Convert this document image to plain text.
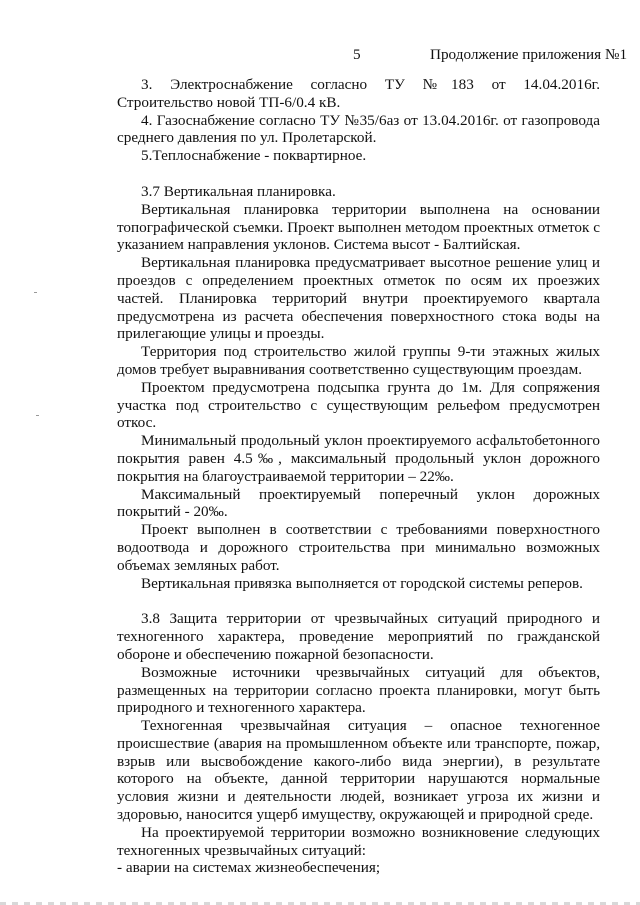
5	Продолжение приложения №1

3. Электроснабжение согласно ТУ №183 от 14.04.2016г. Строительство новой ТП-6/0.4 кВ.

4. Газоснабжение согласно ТУ №35/6аз от 13.04.2016г. от газопровода среднего давления по ул. Пролетарской.

5.Теплоснабжение - поквартирное.

3.7 Вертикальная планировка.

Вертикальная планировка территории выполнена на основании топографической съемки. Проект выполнен методом проектных отметок с указанием направления уклонов. Система высот - Балтийская.

Вертикальная планировка предусматривает высотное решение улиц и проездов с определением проектных отметок по осям их проезжих частей. Планировка территорий внутри проектируемого квартала предусмотрена из расчета обеспечения поверхностного стока воды на прилегающие улицы и проезды.

Территория под строительство жилой группы 9-ти этажных жилых домов требует выравнивания соответственно существующим проездам.

Проектом предусмотрена подсыпка грунта до 1м. Для сопряжения участка под строительство с существующим рельефом предусмотрен откос.

Минимальный продольный уклон проектируемого асфальтобетонного покрытия равен 4.5‰, максимальный продольный уклон дорожного покрытия на благоустраиваемой территории – 22‰.

Максимальный проектируемый поперечный уклон дорожных покрытий - 20‰.

Проект выполнен в соответствии с требованиями поверхностного водоотвода и дорожного строительства при минимально возможных объемах земляных работ.

Вертикальная привязка выполняется от городской системы реперов.

3.8 Защита территории от чрезвычайных ситуаций природного и техногенного характера, проведение мероприятий по гражданской обороне и обеспечению пожарной безопасности.

Возможные источники чрезвычайных ситуаций для объектов, размещенных на территории согласно проекта планировки, могут быть природного и техногенного характера.

Техногенная чрезвычайная ситуация – опасное техногенное происшествие (авария на промышленном объекте или транспорте, пожар, взрыв или высвобождение какого-либо вида энергии), в результате которого на объекте, данной территории нарушаются нормальные условия жизни и деятельности людей, возникает угроза их жизни и здоровью, наносится ущерб имуществу, окружающей и природной среде.

На проектируемой территории возможно возникновение следующих техногенных чрезвычайных ситуаций:

- аварии на системах жизнеобеспечения;
